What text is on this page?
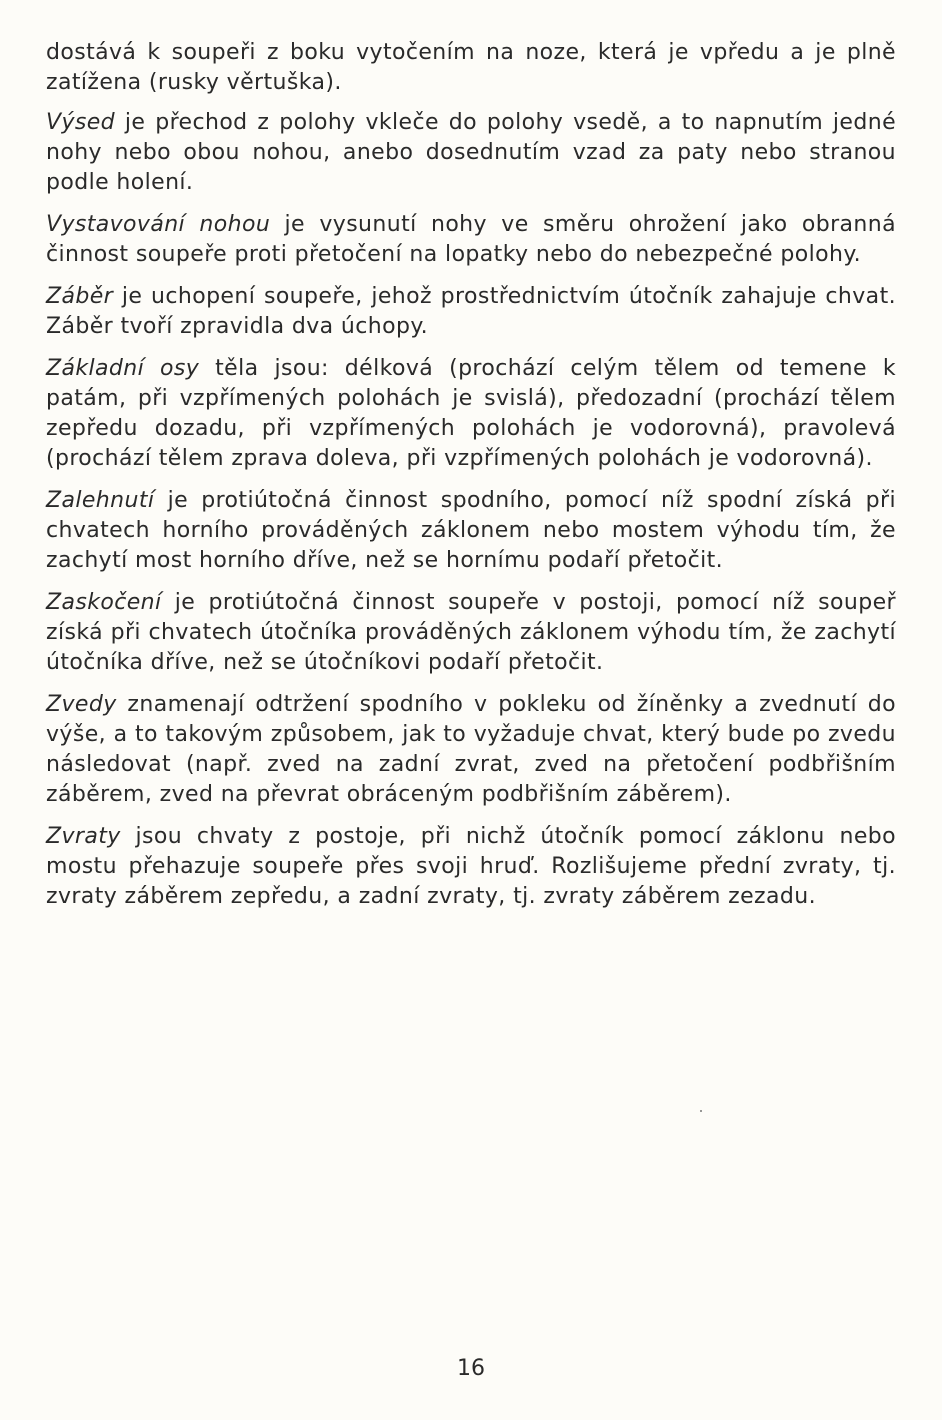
dostává k soupeři z boku vytočením na noze, která je vpředu a je plně zatížena (rusky věrtuška).

Výsed je přechod z polohy vkleče do polohy vsedě, a to napnutím jedné nohy nebo obou nohou, anebo dosednutím vzad za paty nebo stranou podle holení.

Vystavování nohou je vysunutí nohy ve směru ohrožení jako obranná činnost soupeře proti přetočení na lopatky nebo do nebezpečné polohy.

Záběr je uchopení soupeře, jehož prostřednictvím útočník zahajuje chvat. Záběr tvoří zpravidla dva úchopy.

Základní osy těla jsou: délková (prochází celým tělem od temene k patám, při vzpřímených polohách je svislá), předozadní (prochází tělem zepředu dozadu, při vzpřímených polohách je vodorovná), pravolevá (prochází tělem zprava doleva, při vzpřímených polohách je vodorovná).

Zalehnutí je protiútočná činnost spodního, pomocí níž spodní získá při chvatech horního prováděných záklonem nebo mostem výhodu tím, že zachytí most horního dříve, než se hornímu podaří přetočit.

Zaskočení je protiútočná činnost soupeře v postoji, pomocí níž soupeř získá při chvatech útočníka prováděných záklonem výhodu tím, že zachytí útočníka dříve, než se útočníkovi podaří přetočit.

Zvedy znamenají odtržení spodního v pokleku od žíněnky a zvednutí do výše, a to takovým způsobem, jak to vyžaduje chvat, který bude po zvedu následovat (např. zved na zadní zvrat, zved na přetočení podbřišním záběrem, zved na převrat obráceným podbřišním záběrem).

Zvraty jsou chvaty z postoje, při nichž útočník pomocí záklonu nebo mostu přehazuje soupeře přes svoji hruď. Rozlišujeme přední zvraty, tj. zvraty záběrem zepředu, a zadní zvraty, tj. zvraty záběrem zezadu.

16
